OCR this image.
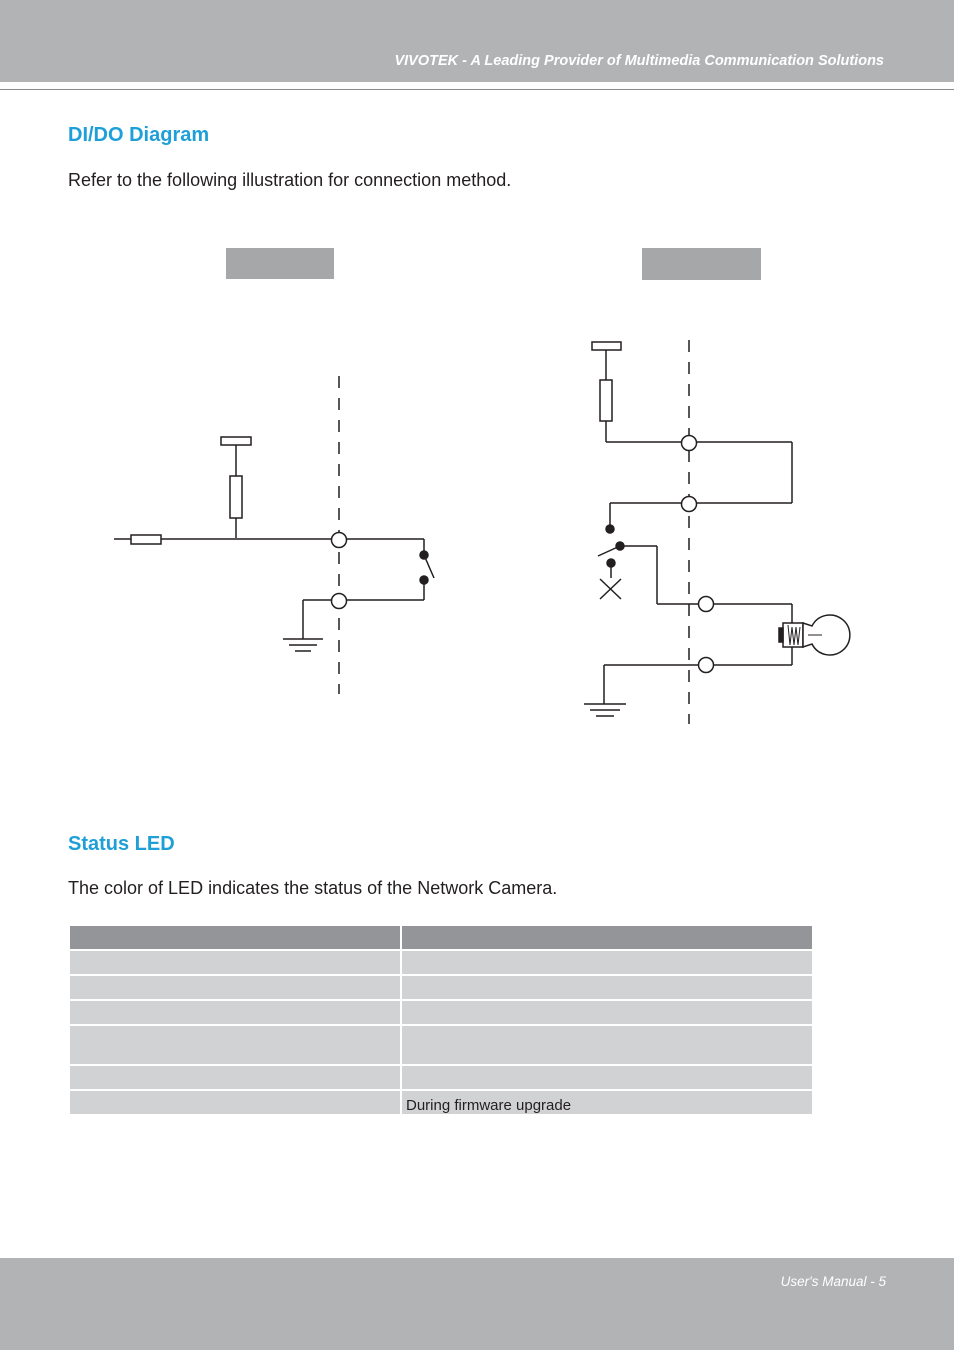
VIVOTEK - A Leading Provider of Multimedia Communication Solutions
DI/DO Diagram
Refer to the following illustration for connection method.
Status LED
The color of LED indicates the status of the Network Camera.

	During firmware upgrade
User's Manual - 5
